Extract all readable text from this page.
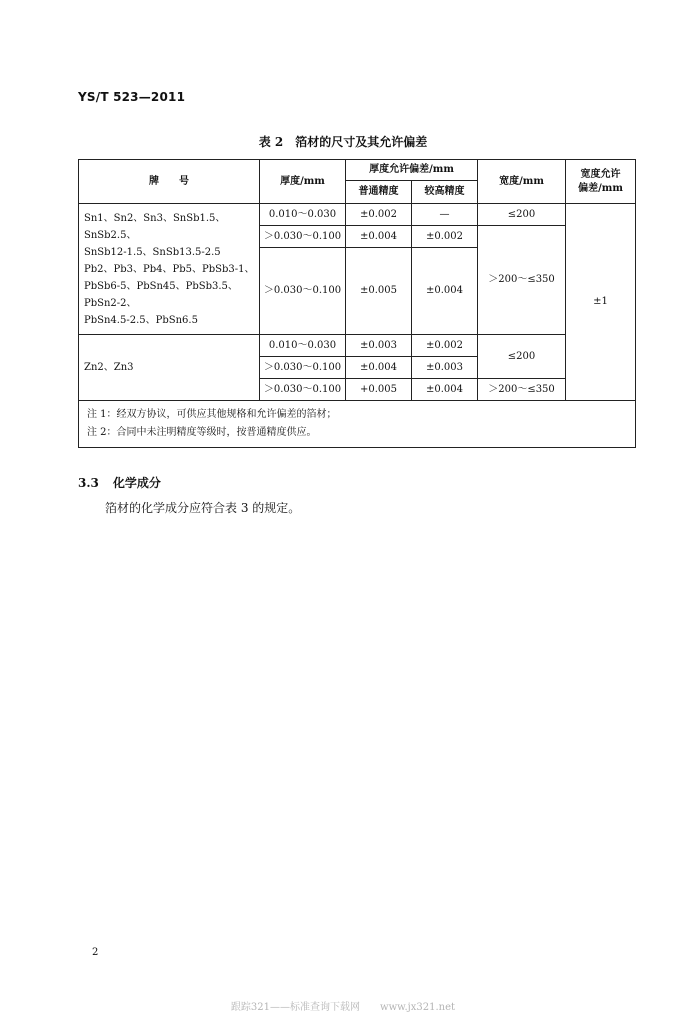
YS/T 523—2011
表 2　箔材的尺寸及其允许偏差
牌　　号	厚度/mm	厚度允许偏差/mm		宽度/mm	宽度允许
偏差/mm
		普通精度	较高精度		

Sn1、Sn2、Sn3、SnSb1.5、SnSb2.5、
SnSb12-1.5、SnSb13.5-2.5
Pb2、Pb3、Pb4、Pb5、PbSb3-1、
PbSb6-5、PbSn45、PbSb3.5、PbSn2-2、
PbSn4.5-2.5、PbSn6.5	0.010～0.030	±0.002	—	≤200	±1
	＞0.030～0.100	±0.004	±0.002	＞200～≤350	
	＞0.030～0.100	±0.005	±0.004		

Zn2、Zn3	0.010～0.030	±0.003	±0.002	≤200	
	＞0.030～0.100	±0.004	±0.003		
	＞0.030～0.100	+0.005	±0.004	＞200～≤350	

注 1：经双方协议，可供应其他规格和允许偏差的箔材；
注 2：合同中未注明精度等级时，按普通精度供应。					
3.3 化学成分
箔材的化学成分应符合表 3 的规定。
2
跟踪321——标准查询下载网　　www.jx321.net
